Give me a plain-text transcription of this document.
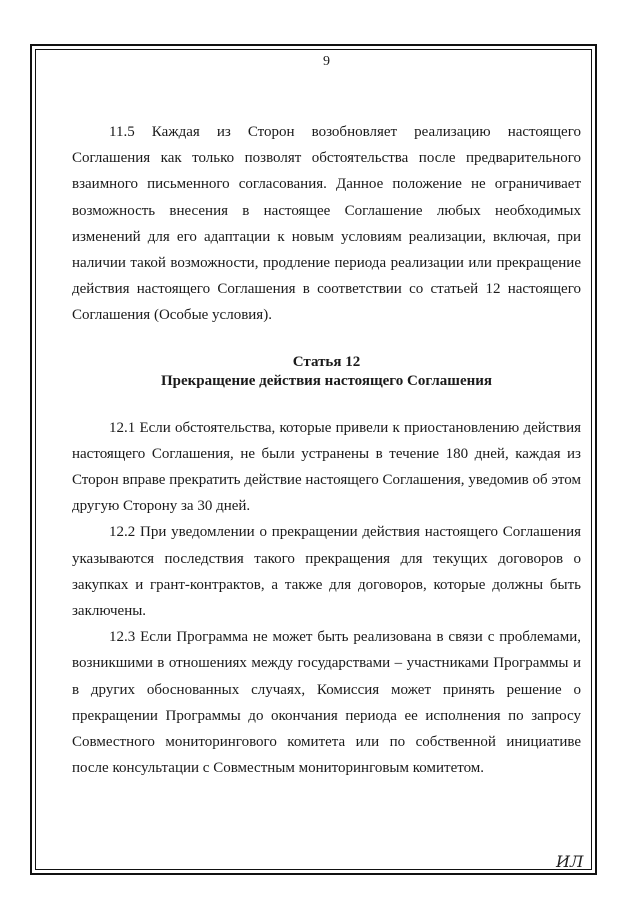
9

11.5 Каждая из Сторон возобновляет реализацию настоящего Соглашения как только позволят обстоятельства после предварительного взаимного письменного согласования. Данное положение не ограничивает возможность внесения в настоящее Соглашение любых необходимых изменений для его адаптации к новым условиям реализации, включая, при наличии такой возможности, продление периода реализации или прекращение действия настоящего Соглашения в соответствии со статьей 12 настоящего Соглашения (Особые условия).

Статья 12
Прекращение действия настоящего Соглашения

12.1 Если обстоятельства, которые привели к приостановлению действия настоящего Соглашения, не были устранены в течение 180 дней, каждая из Сторон вправе прекратить действие настоящего Соглашения, уведомив об этом другую Сторону за 30 дней.

12.2 При уведомлении о прекращении действия настоящего Соглашения указываются последствия такого прекращения для текущих договоров о закупках и грант-контрактов, а также для договоров, которые должны быть заключены.

12.3 Если Программа не может быть реализована в связи с проблемами, возникшими в отношениях между государствами – участниками Программы и в других обоснованных случаях, Комиссия может принять решение о прекращении Программы до окончания периода ее исполнения по запросу Совместного мониторингового комитета или по собственной инициативе после консультации с Совместным мониторинговым комитетом.

ИЛ
